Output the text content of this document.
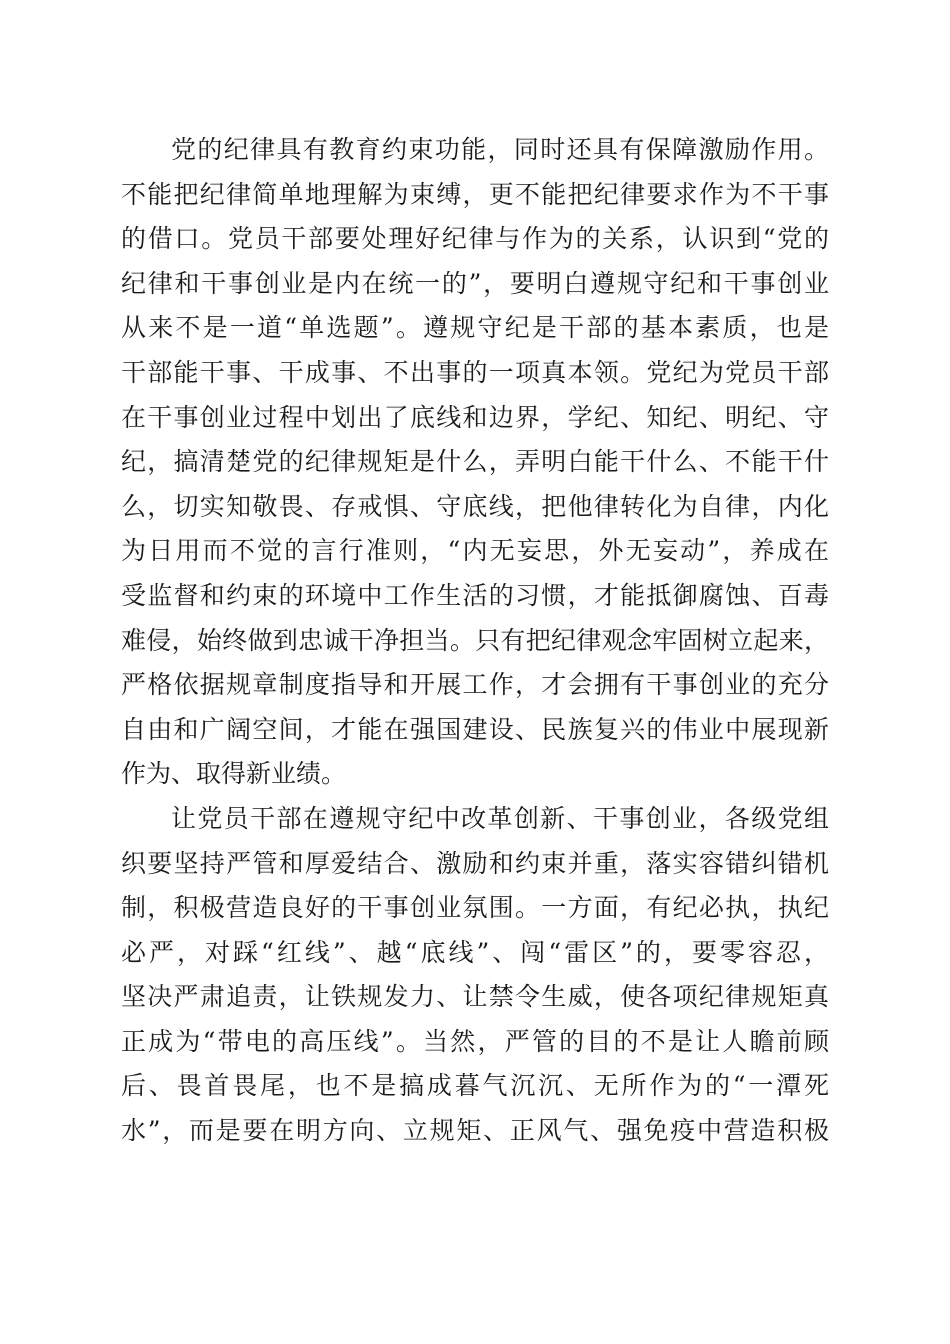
党的纪律具有教育约束功能，同时还具有保障激励作用。
不能把纪律简单地理解为束缚，更不能把纪律要求作为不干事
的借口。党员干部要处理好纪律与作为的关系，认识到“党的
纪律和干事创业是内在统一的”，要明白遵规守纪和干事创业
从来不是一道“单选题”。遵规守纪是干部的基本素质，也是
干部能干事、干成事、不出事的一项真本领。党纪为党员干部
在干事创业过程中划出了底线和边界，学纪、知纪、明纪、守
纪，搞清楚党的纪律规矩是什么，弄明白能干什么、不能干什
么，切实知敬畏、存戒惧、守底线，把他律转化为自律，内化
为日用而不觉的言行准则，“内无妄思，外无妄动”，养成在
受监督和约束的环境中工作生活的习惯，才能抵御腐蚀、百毒
难侵，始终做到忠诚干净担当。只有把纪律观念牢固树立起来，
严格依据规章制度指导和开展工作，才会拥有干事创业的充分
自由和广阔空间，才能在强国建设、民族复兴的伟业中展现新
作为、取得新业绩。
让党员干部在遵规守纪中改革创新、干事创业，各级党组
织要坚持严管和厚爱结合、激励和约束并重，落实容错纠错机
制，积极营造良好的干事创业氛围。一方面，有纪必执，执纪
必严，对踩“红线”、越“底线”、闯“雷区”的，要零容忍，
坚决严肃追责，让铁规发力、让禁令生威，使各项纪律规矩真
正成为“带电的高压线”。当然，严管的目的不是让人瞻前顾
后、畏首畏尾，也不是搞成暮气沉沉、无所作为的“一潭死
水”，而是要在明方向、立规矩、正风气、强免疫中营造积极
